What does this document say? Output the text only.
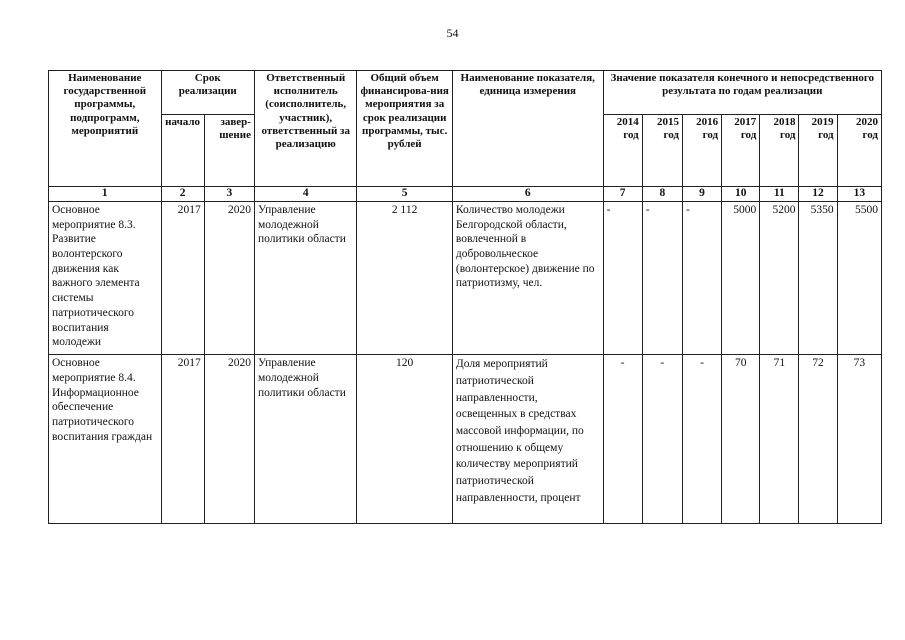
54
Наименование государственной программы, подпрограмм, мероприятий	Срок реализации		Ответственный исполнитель (соисполнитель, участник), ответственный за реализацию	Общий объем финансирова-ния мероприятия за срок реализации программы, тыс. рублей	Наименование показателя, единица измерения	Значение показателя конечного и непосредственного результата по годам реализации						
	начало	завер-шение				2014 год	2015 год	2016 год	2017 год	2018 год	2019 год	2020 год
1	2	3	4	5	6	7	8	9	10	11	12	13
Основное мероприятие 8.3. Развитие волонтерского движения как важного элемента системы патриотического воспитания молодежи	2017	2020	Управление молодежной политики области	2 112	Количество молодежи Белгородской области, вовлеченной в добровольческое (волонтерское) движение по патриотизму, чел.	-	-	-	5000	5200	5350	5500
Основное мероприятие 8.4. Информационное обеспечение патриотического воспитания граждан	2017	2020	Управление молодежной политики области	120	Доля мероприятий патриотической направленности, освещенных в средствах массовой информации, по отношению к общему количеству мероприятий патриотической направленности, процент	-	-	-	70	71	72	73
